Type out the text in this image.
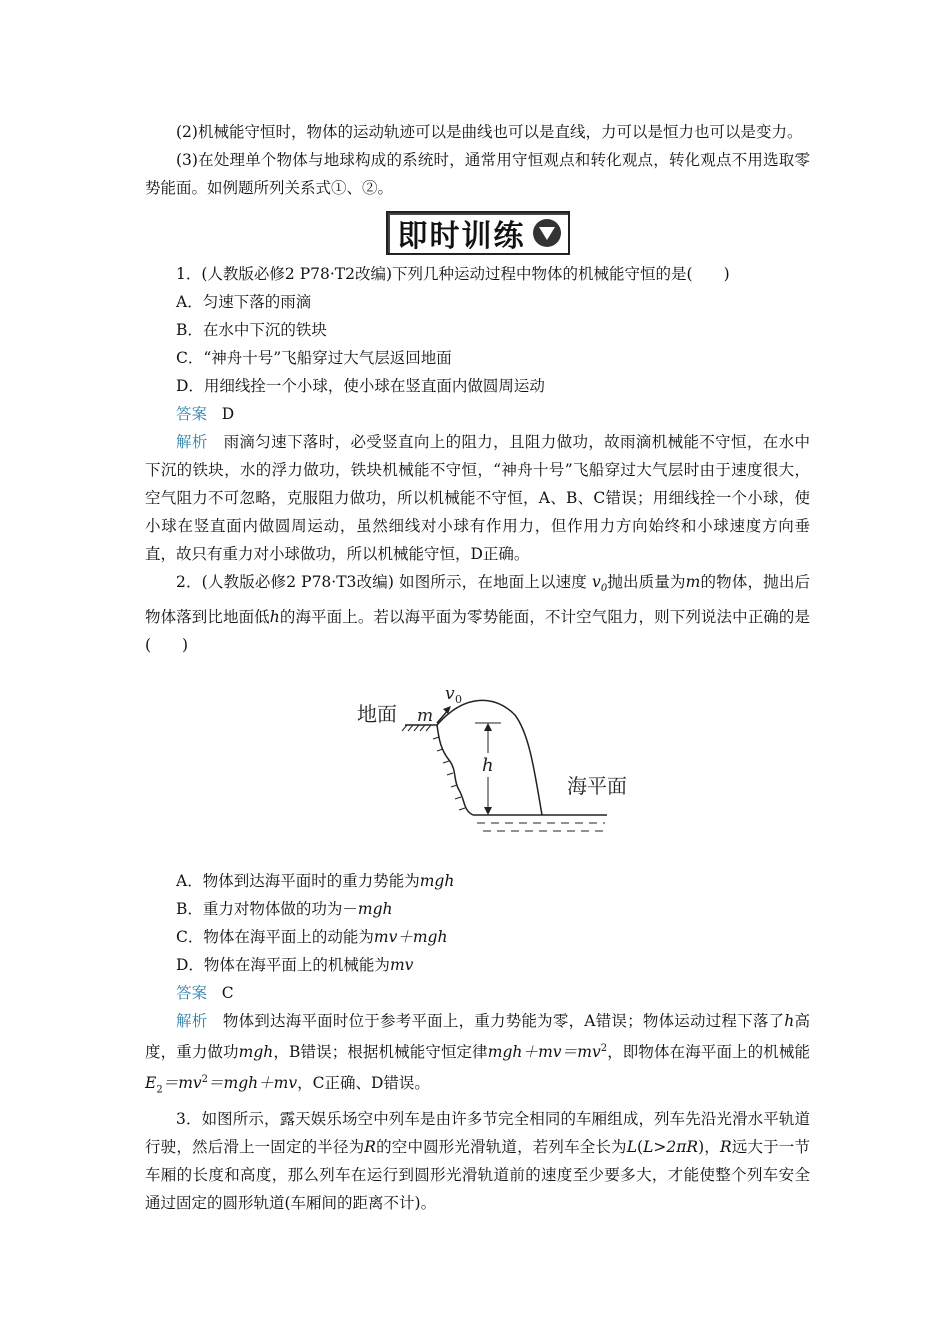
(2)机械能守恒时，物体的运动轨迹可以是曲线也可以是直线，力可以是恒力也可以是变力。

(3)在处理单个物体与地球构成的系统时，通常用守恒观点和转化观点，转化观点不用选取零势能面。如例题所列关系式①、②。

即时训练

1．(人教版必修2 P78·T2改编)下列几种运动过程中物体的机械能守恒的是(　　)

A．匀速下落的雨滴

B．在水中下沉的铁块

C．“神舟十号”飞船穿过大气层返回地面

D．用细线拴一个小球，使小球在竖直面内做圆周运动

答案 D

解析 雨滴匀速下落时，必受竖直向上的阻力，且阻力做功，故雨滴机械能不守恒，在水中下沉的铁块，水的浮力做功，铁块机械能不守恒，“神舟十号”飞船穿过大气层时由于速度很大，空气阻力不可忽略，克服阻力做功，所以机械能不守恒，A、B、C错误；用细线拴一个小球，使小球在竖直面内做圆周运动，虽然细线对小球有作用力，但作用力方向始终和小球速度方向垂直，故只有重力对小球做功，所以机械能守恒，D正确。

2．(人教版必修2 P78·T3改编) 如图所示，在地面上以速度 $v_0$抛出质量为m的物体，抛出后物体落到比地面低h的海平面上。若以海平面为零势能面，不计空气阻力，则下列说法中正确的是(　　)

地面 m
v 0
h
海平面

A．物体到达海平面时的重力势能为mgh

B．重力对物体做的功为－mgh

C．物体在海平面上的动能为mv＋mgh

D．物体在海平面上的机械能为mv

答案 C

解析 物体到达海平面时位于参考平面上，重力势能为零，A错误；物体运动过程下落了h高度，重力做功mgh，B错误；根据机械能守恒定律$mgh+mv=mv^2$，即物体在海平面上的机械能$E_2=mv^2=mgh+mv$，C正确、D错误。

3．如图所示，露天娱乐场空中列车是由许多节完全相同的车厢组成，列车先沿光滑水平轨道行驶，然后滑上一固定的半径为R的空中圆形光滑轨道，若列车全长为L(L>2πR)，R远大于一节车厢的长度和高度，那么列车在运行到圆形光滑轨道前的速度至少要多大，才能使整个列车安全通过固定的圆形轨道(车厢间的距离不计)。
